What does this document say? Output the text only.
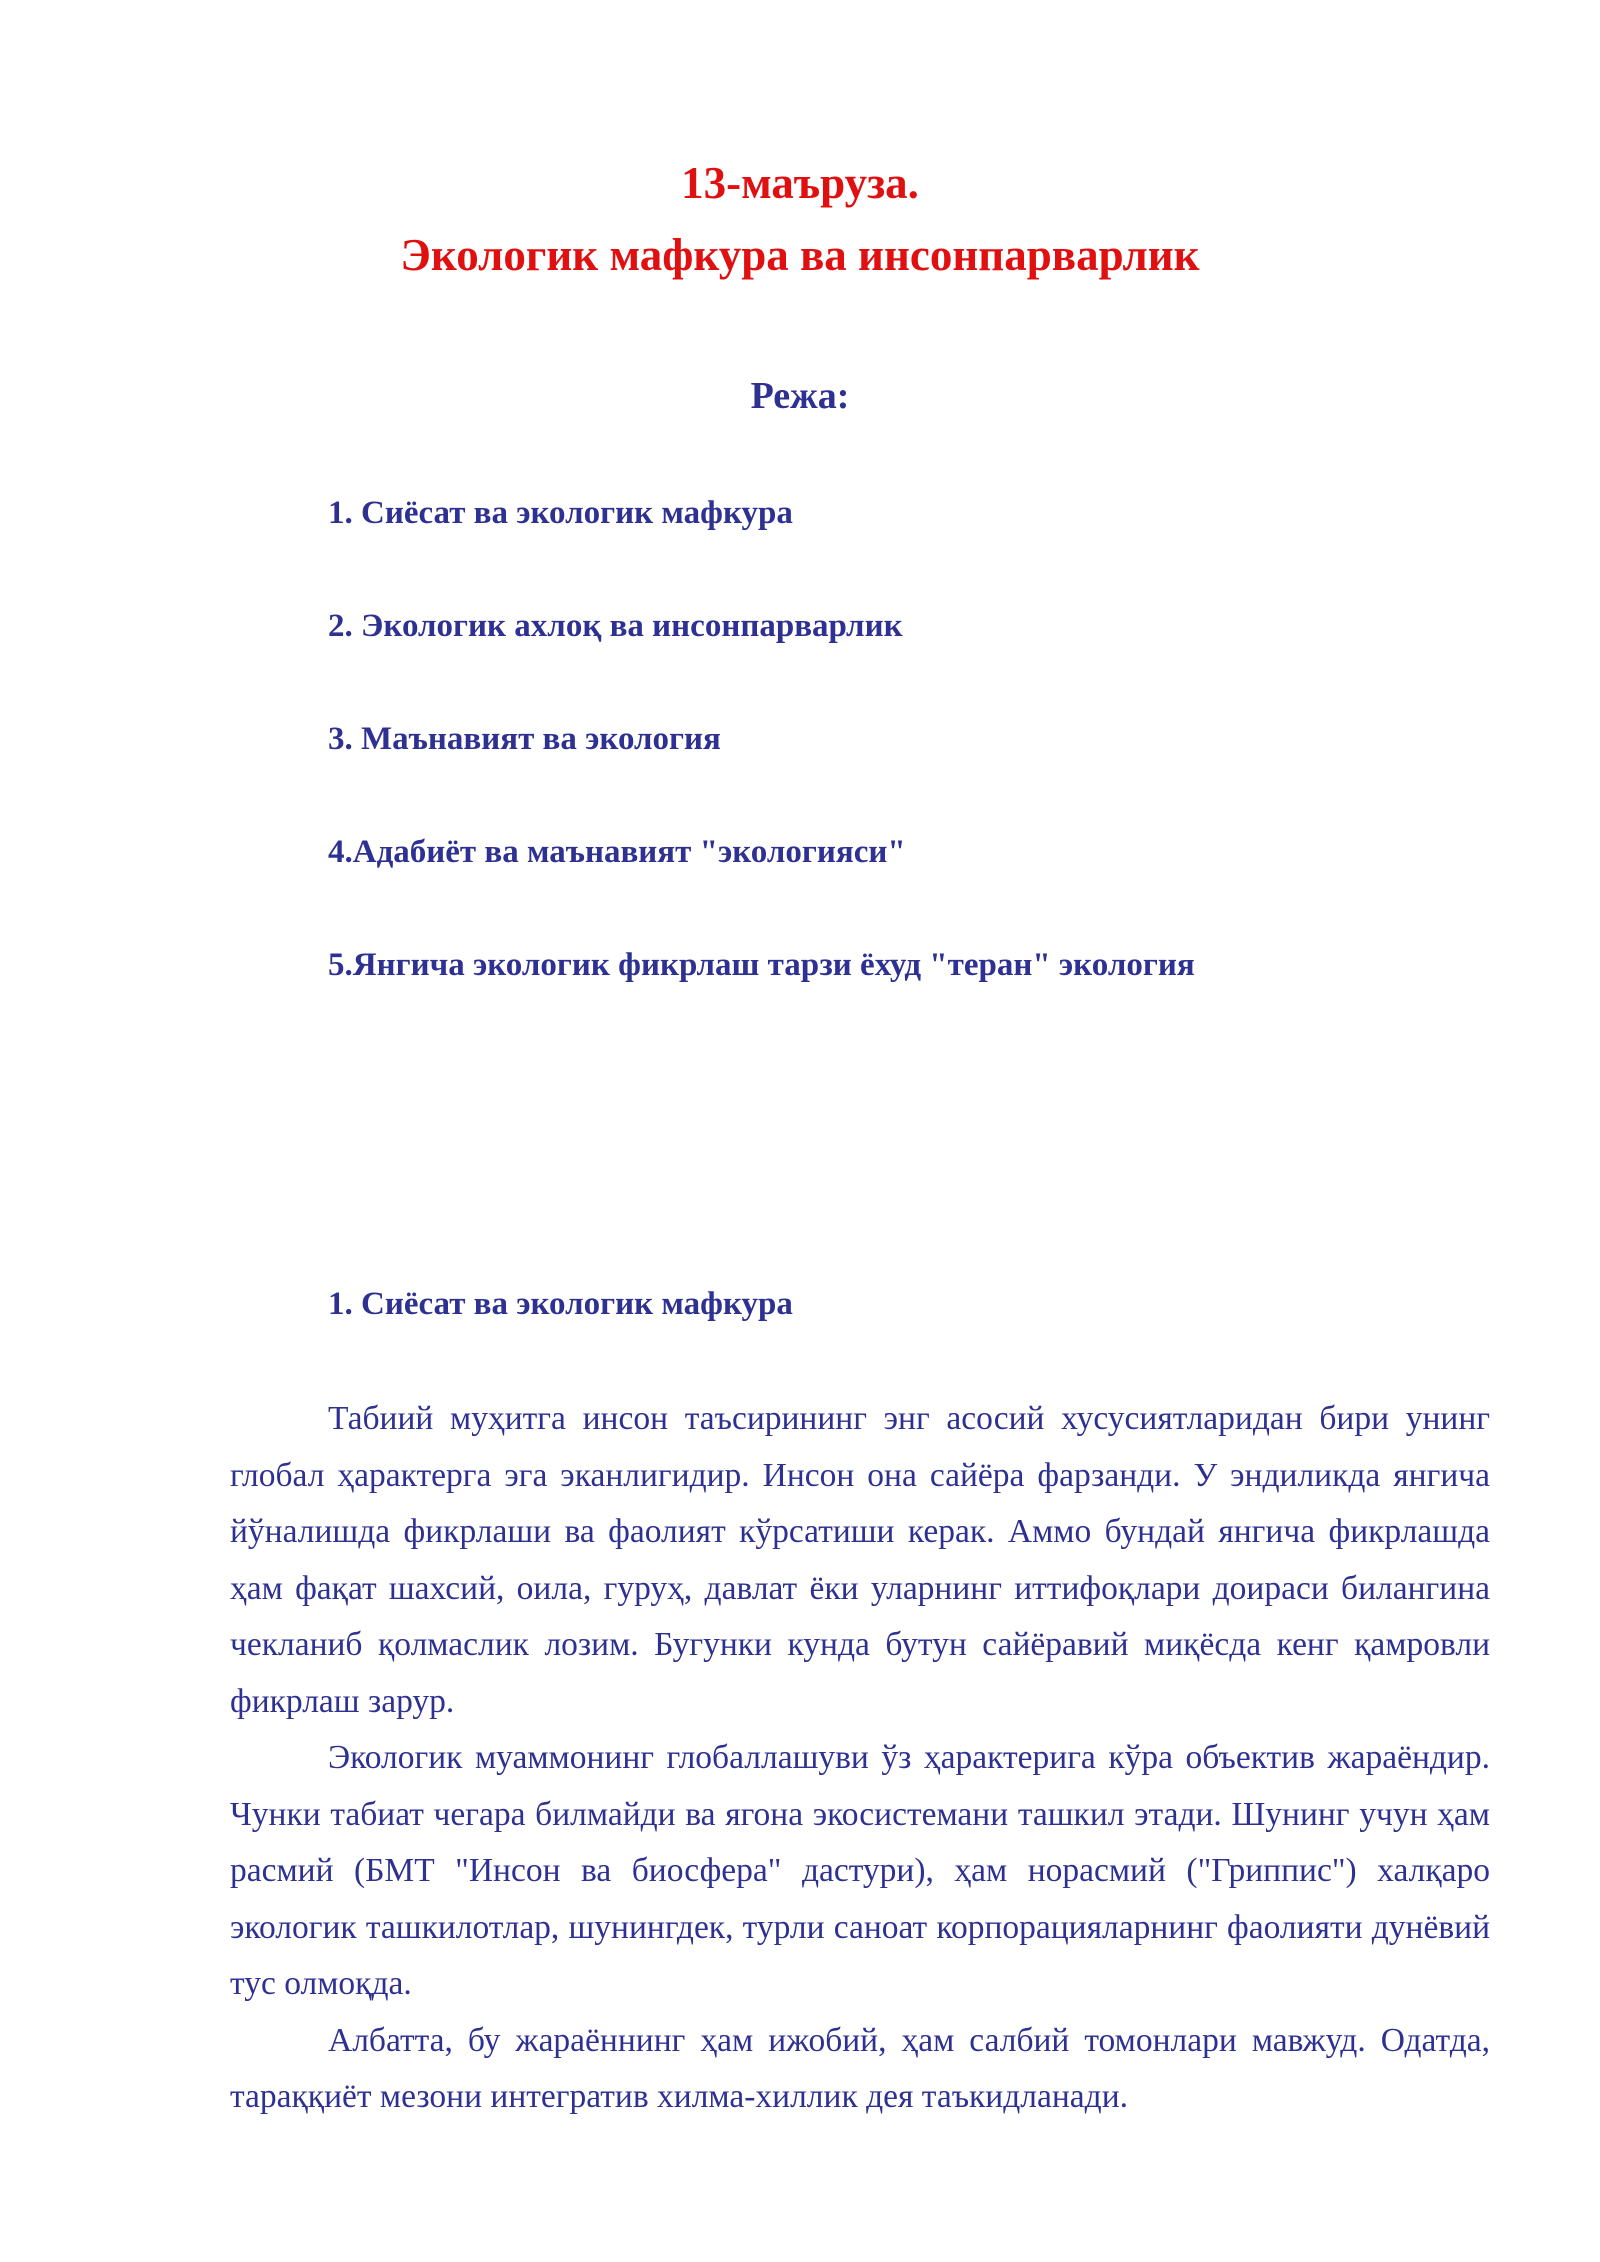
13-маъруза.
Экологик мафкура ва инсонпарварлик
Режа:
1. Сиёсат ва экологик мафкура
2. Экологик ахлоқ ва инсонпарварлик
3. Маънавият ва экология
4.Адабиёт ва маънавият "экологияси"
5.Янгича экологик фикрлаш тарзи ёхуд "теран" экология
1. Сиёсат ва экологик мафкура

Табиий муҳитга инсон таъсирининг энг асосий хусусиятларидан бири унинг глобал ҳарактерга эга эканлигидир. Инсон она сайёра фарзанди. У эндиликда янгича йўналишда фикрлаши ва фаолият кўрсатиши керак. Аммо бундай янгича фикрлашда ҳам фақат шахсий, оила, гуруҳ, давлат ёки уларнинг иттифоқлари доираси билангина чекланиб қолмаслик лозим. Бугунки кунда бутун сайёравий миқёсда кенг қамровли фикрлаш зарур.

Экологик муаммонинг глобаллашуви ўз ҳарактерига кўра объектив жараёндир. Чунки табиат чегара билмайди ва ягона экосистемани ташкил этади. Шунинг учун ҳам расмий (БМТ "Инсон ва биосфера" дастури), ҳам норасмий ("Гриппис") халқаро экологик ташкилотлар, шунингдек, турли саноат корпорацияларнинг фаолияти дунёвий тус олмоқда.

Албатта, бу жараённинг ҳам ижобий, ҳам салбий томонлари мавжуд. Одатда, тараққиёт мезони интегратив хилма-хиллик дея таъкидланади.
